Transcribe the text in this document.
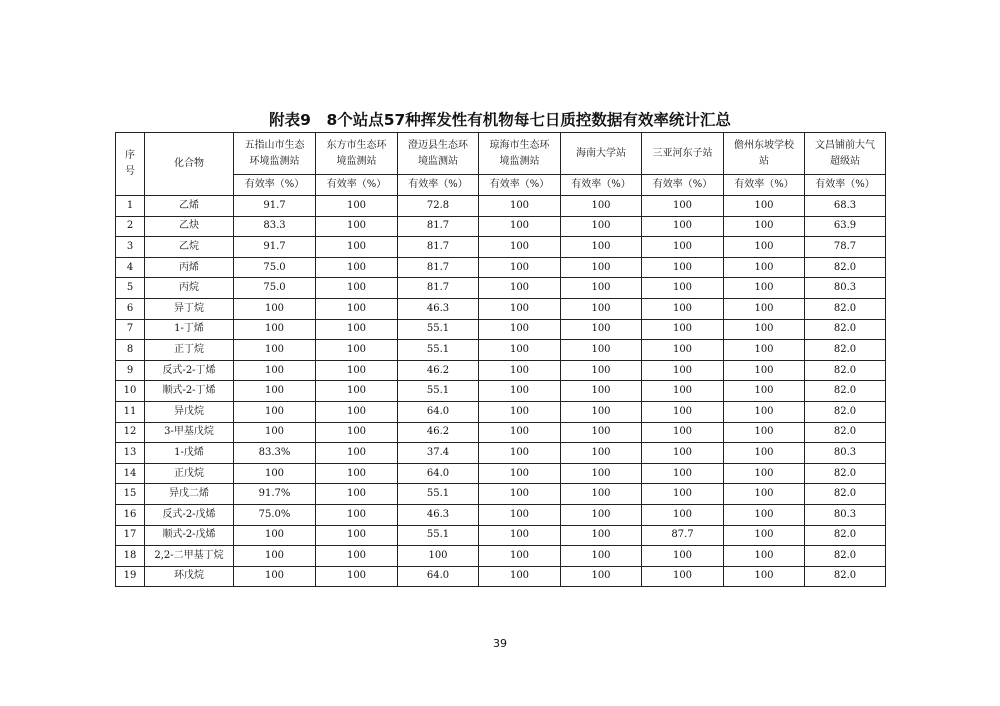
附表9　8个站点57种挥发性有机物每七日质控数据有效率统计汇总
序号	化合物	五指山市生态环境监测站	东方市生态环境监测站	澄迈县生态环境监测站	琼海市生态环境监测站	海南大学站	三亚河东子站	儋州东坡学校站	文昌铺前大气超级站

		有效率（%）	有效率（%）	有效率（%）	有效率（%）	有效率（%）	有效率（%）	有效率（%）	有效率（%）
1	乙烯	91.7	100	72.8	100	100	100	100	68.3
2	乙炔	83.3	100	81.7	100	100	100	100	63.9
3	乙烷	91.7	100	81.7	100	100	100	100	78.7
4	丙烯	75.0	100	81.7	100	100	100	100	82.0
5	丙烷	75.0	100	81.7	100	100	100	100	80.3
6	异丁烷	100	100	46.3	100	100	100	100	82.0
7	1-丁烯	100	100	55.1	100	100	100	100	82.0
8	正丁烷	100	100	55.1	100	100	100	100	82.0
9	反式-2-丁烯	100	100	46.2	100	100	100	100	82.0
10	顺式-2-丁烯	100	100	55.1	100	100	100	100	82.0
11	异戊烷	100	100	64.0	100	100	100	100	82.0
12	3-甲基戊烷	100	100	46.2	100	100	100	100	82.0
13	1-戊烯	83.3%	100	37.4	100	100	100	100	80.3
14	正戊烷	100	100	64.0	100	100	100	100	82.0
15	异戊二烯	91.7%	100	55.1	100	100	100	100	82.0
16	反式-2-戊烯	75.0%	100	46.3	100	100	100	100	80.3
17	顺式-2-戊烯	100	100	55.1	100	100	87.7	100	82.0
18	2,2-二甲基丁烷	100	100	100	100	100	100	100	82.0
19	环戊烷	100	100	64.0	100	100	100	100	82.0
39
